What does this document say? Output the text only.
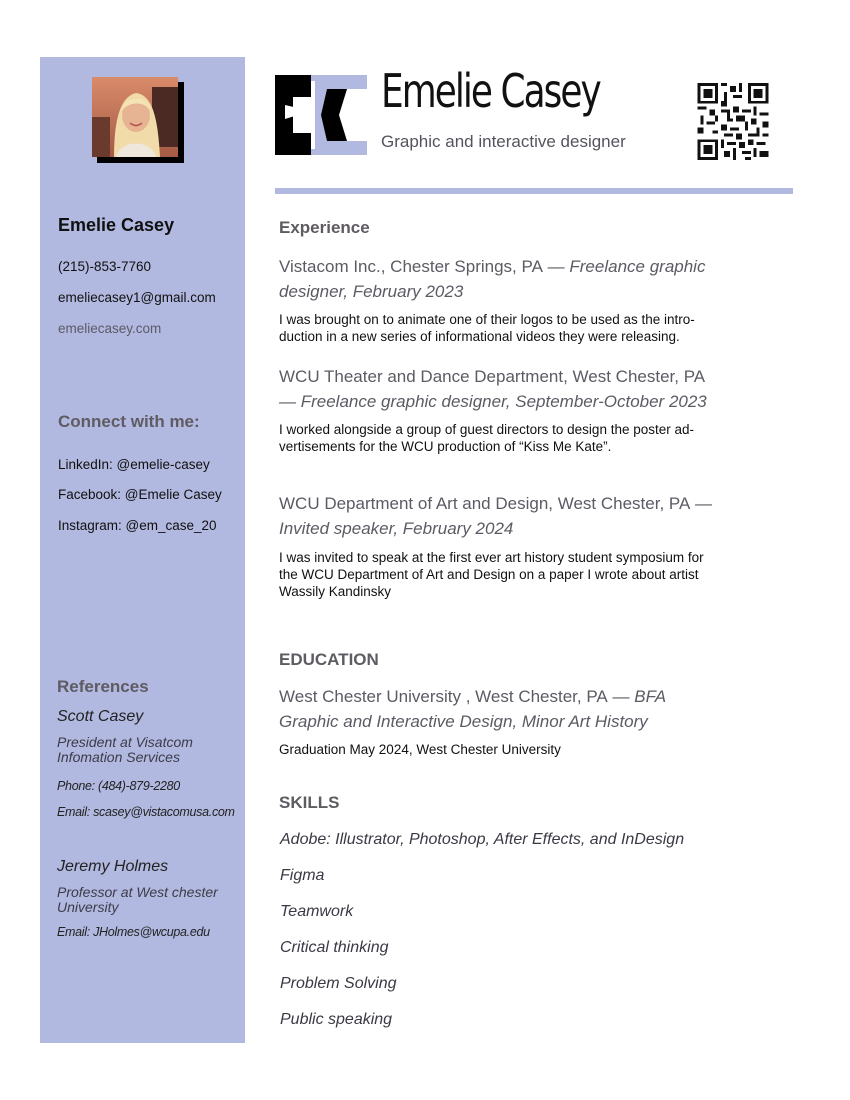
Emelie Casey
(215)-853-7760
emeliecasey1@gmail.com
emeliecasey.com
Connect with me:
LinkedIn: @emelie-casey
Facebook: @Emelie Casey
Instagram: @em_case_20
References
Scott Casey
President at Visatcom Infomation Services
Phone: (484)-879-2280
Email: scasey@vistacomusa.com
Jeremy Holmes
Professor at West chester University
Email: JHolmes@wcupa.edu
Emelie Casey
Graphic and interactive designer
Experience
Vistacom Inc., Chester Springs, PA — Freelance graphic designer, February 2023
I was brought on to animate one of their logos to be used as the intro-duction in a new series of informational videos they were releasing.
WCU Theater and Dance Department, West Chester, PA — Freelance graphic designer, September-October 2023
I worked alongside a group of guest directors to design the poster ad-vertisements for the WCU production of “Kiss Me Kate”.
WCU Department of Art and Design, West Chester, PA — Invited speaker, February 2024
I was invited to speak at the first ever art history student symposium for the WCU Department of Art and Design on a paper I wrote about artist Wassily Kandinsky
EDUCATION
West Chester University , West Chester, PA — BFA Graphic and Interactive Design, Minor Art History
Graduation May 2024, West Chester University
SKILLS
Adobe: Illustrator, Photoshop, After Effects, and InDesign
Figma
Teamwork
Critical thinking
Problem Solving
Public speaking
